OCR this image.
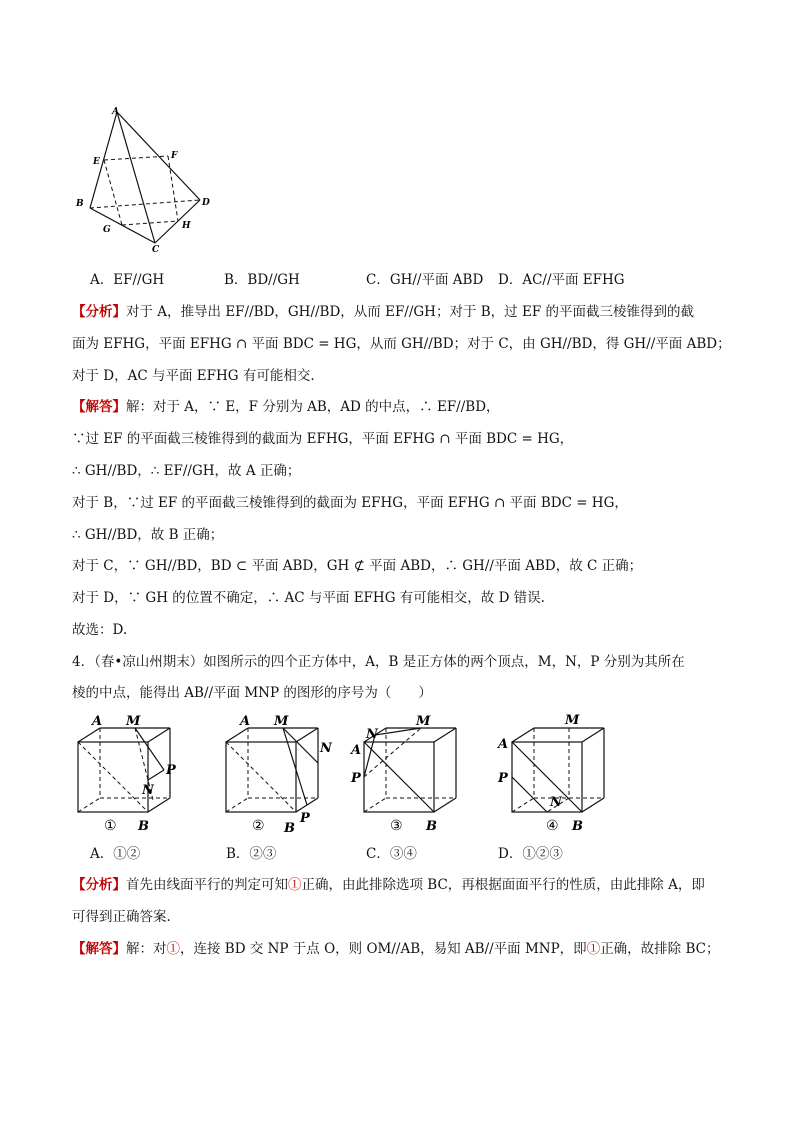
A
E
F
B	D
G	H
C
A．EF//GH	B．BD//GH	C．GH//平面 ABD D．AC//平面 EFHG
【分析】对于 A，推导出 EF//BD，GH//BD，从而 EF//GH；对于 B，过 EF 的平面截三棱锥得到的截
面为 EFHG，平面 EFHG ∩ 平面 BDC = HG，从而 GH//BD；对于 C，由 GH//BD，得 GH//平面 ABD；
对于 D，AC 与平面 EFHG 有可能相交.
【解答】解：对于 A，∵ E，F 分别为 AB，AD 的中点，∴ EF//BD，
∵过 EF 的平面截三棱锥得到的截面为 EFHG，平面 EFHG ∩ 平面 BDC = HG，
∴ GH//BD，∴ EF//GH，故 A 正确；
对于 B，∵过 EF 的平面截三棱锥得到的截面为 EFHG，平面 EFHG ∩ 平面 BDC = HG，
∴ GH//BD，故 B 正确；
对于 C，∵ GH//BD，BD ⊂ 平面 ABD，GH ⊄ 平面 ABD，∴ GH//平面 ABD，故 C 正确；
对于 D，∵ GH 的位置不确定，∴ AC 与平面 EFHG 有可能相交，故 D 错误.
故选：D.
4．（春•凉山州期末）如图所示的四个正方体中，A，B 是正方体的两个顶点，M，N，P 分别为其所在
棱的中点，能得出 AB//平面 MNP 的图形的序号为（　　）
A M
P
N
① B
A M
N
② B
P
N
M
A
P
③ B
M
A
P
N
④ B
A．①②	B．②③	C．③④	D．①②③
【分析】首先由线面平行的判定可知①正确，由此排除选项 BC，再根据面面平行的性质，由此排除 A，即
可得到正确答案.
【解答】解：对①，连接 BD 交 NP 于点 O，则 OM//AB，易知 AB//平面 MNP，即①正确，故排除 BC；
